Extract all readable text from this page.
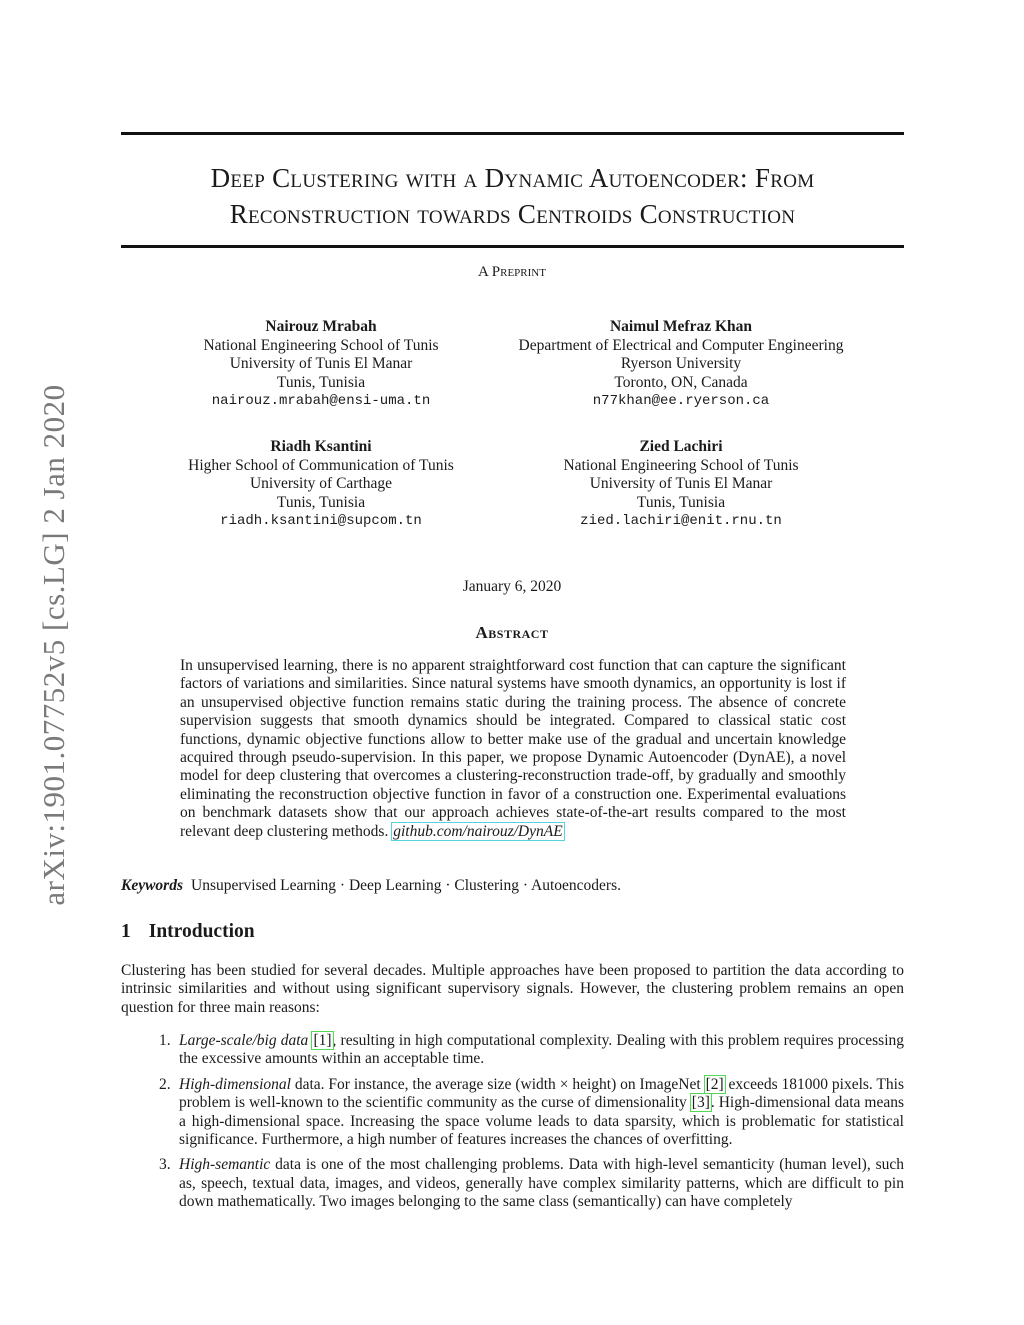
arXiv:1901.07752v5 [cs.LG] 2 Jan 2020
Deep Clustering with a Dynamic Autoencoder: From
Reconstruction towards Centroids Construction
A Preprint
Nairouz Mrabah
National Engineering School of Tunis
University of Tunis El Manar
Tunis, Tunisia
nairouz.mrabah@ensi-uma.tn
Naimul Mefraz Khan
Department of Electrical and Computer Engineering
Ryerson University
Toronto, ON, Canada
n77khan@ee.ryerson.ca
Riadh Ksantini
Higher School of Communication of Tunis
University of Carthage
Tunis, Tunisia
riadh.ksantini@supcom.tn
Zied Lachiri
National Engineering School of Tunis
University of Tunis El Manar
Tunis, Tunisia
zied.lachiri@enit.rnu.tn
January 6, 2020
Abstract
In unsupervised learning, there is no apparent straightforward cost function that can capture the significant factors of variations and similarities. Since natural systems have smooth dynamics, an opportunity is lost if an unsupervised objective function remains static during the training process. The absence of concrete supervision suggests that smooth dynamics should be integrated. Compared to classical static cost functions, dynamic objective functions allow to better make use of the gradual and uncertain knowledge acquired through pseudo-supervision. In this paper, we propose Dynamic Autoencoder (DynAE), a novel model for deep clustering that overcomes a clustering-reconstruction trade-off, by gradually and smoothly eliminating the reconstruction objective function in favor of a construction one. Experimental evaluations on benchmark datasets show that our approach achieves state-of-the-art results compared to the most relevant deep clustering methods. github.com/nairouz/DynAE
Keywords Unsupervised Learning · Deep Learning · Clustering · Autoencoders.
1 Introduction
Clustering has been studied for several decades. Multiple approaches have been proposed to partition the data according to intrinsic similarities and without using significant supervisory signals. However, the clustering problem remains an open question for three main reasons:
1. Large-scale/big data [1], resulting in high computational complexity. Dealing with this problem requires processing the excessive amounts within an acceptable time.
2. High-dimensional data. For instance, the average size (width × height) on ImageNet [2] exceeds 181000 pixels. This problem is well-known to the scientific community as the curse of dimensionality [3]. High-dimensional data means a high-dimensional space. Increasing the space volume leads to data sparsity, which is problematic for statistical significance. Furthermore, a high number of features increases the chances of overfitting.
3. High-semantic data is one of the most challenging problems. Data with high-level semanticity (human level), such as, speech, textual data, images, and videos, generally have complex similarity patterns, which are difficult to pin down mathematically. Two images belonging to the same class (semantically) can have completely
